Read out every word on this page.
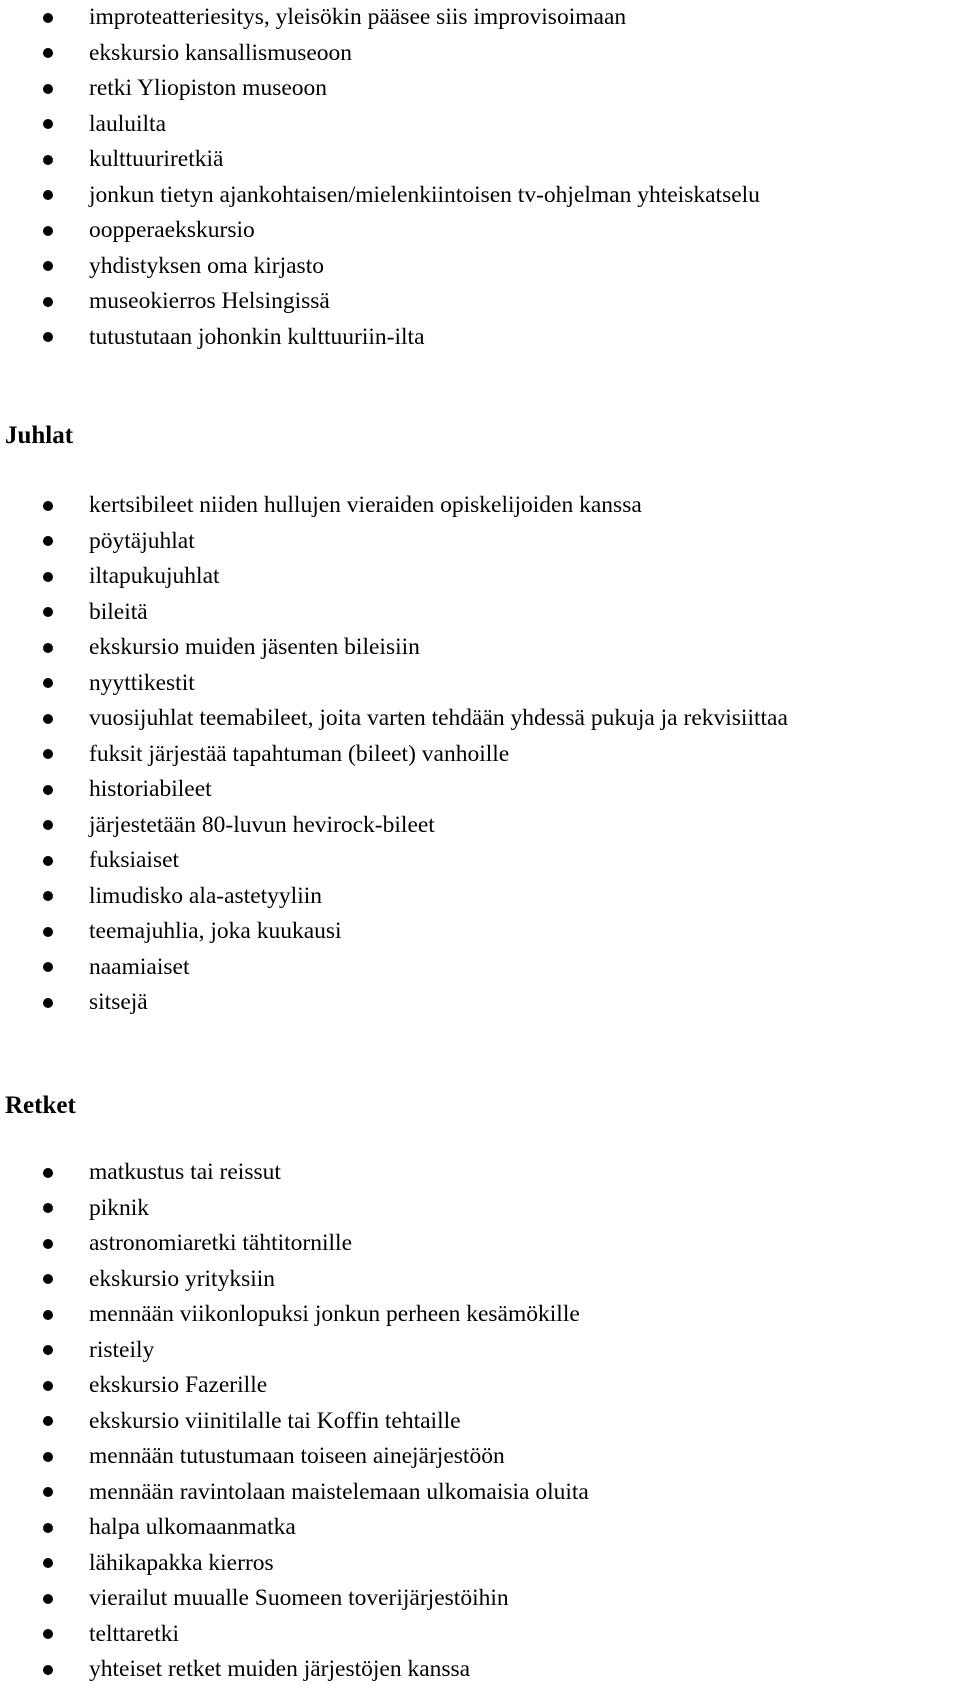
improteatteriesitys, yleisökin pääsee siis improvisoimaan
ekskursio kansallismuseoon
retki Yliopiston museoon
lauluilta
kulttuuriretkiä
jonkun tietyn ajankohtaisen/mielenkiintoisen tv-ohjelman yhteiskatselu
oopperaekskursio
yhdistyksen oma kirjasto
museokierros Helsingissä
tutustutaan johonkin kulttuuriin-ilta
Juhlat
kertsibileet niiden hullujen vieraiden opiskelijoiden kanssa
pöytäjuhlat
iltapukujuhlat
bileitä
ekskursio muiden jäsenten bileisiin
nyyttikestit
vuosijuhlat teemabileet, joita varten tehdään yhdessä pukuja ja rekvisiittaa
fuksit järjestää tapahtuman (bileet) vanhoille
historiabileet
järjestetään 80-luvun hevirock-bileet
fuksiaiset
limudisko ala-astetyyliin
teemajuhlia, joka kuukausi
naamiaiset
sitsejä
Retket
matkustus tai reissut
piknik
astronomiaretki tähtitornille
ekskursio yrityksiin
mennään viikonlopuksi jonkun perheen kesämökille
risteily
ekskursio Fazerille
ekskursio viinitilalle tai Koffin tehtaille
mennään tutustumaan toiseen ainejärjestöön
mennään ravintolaan maistelemaan ulkomaisia oluita
halpa ulkomaanmatka
lähikapakka kierros
vierailut muualle Suomeen toverijärjestöihin
telttaretki
yhteiset retket muiden järjestöjen kanssa
